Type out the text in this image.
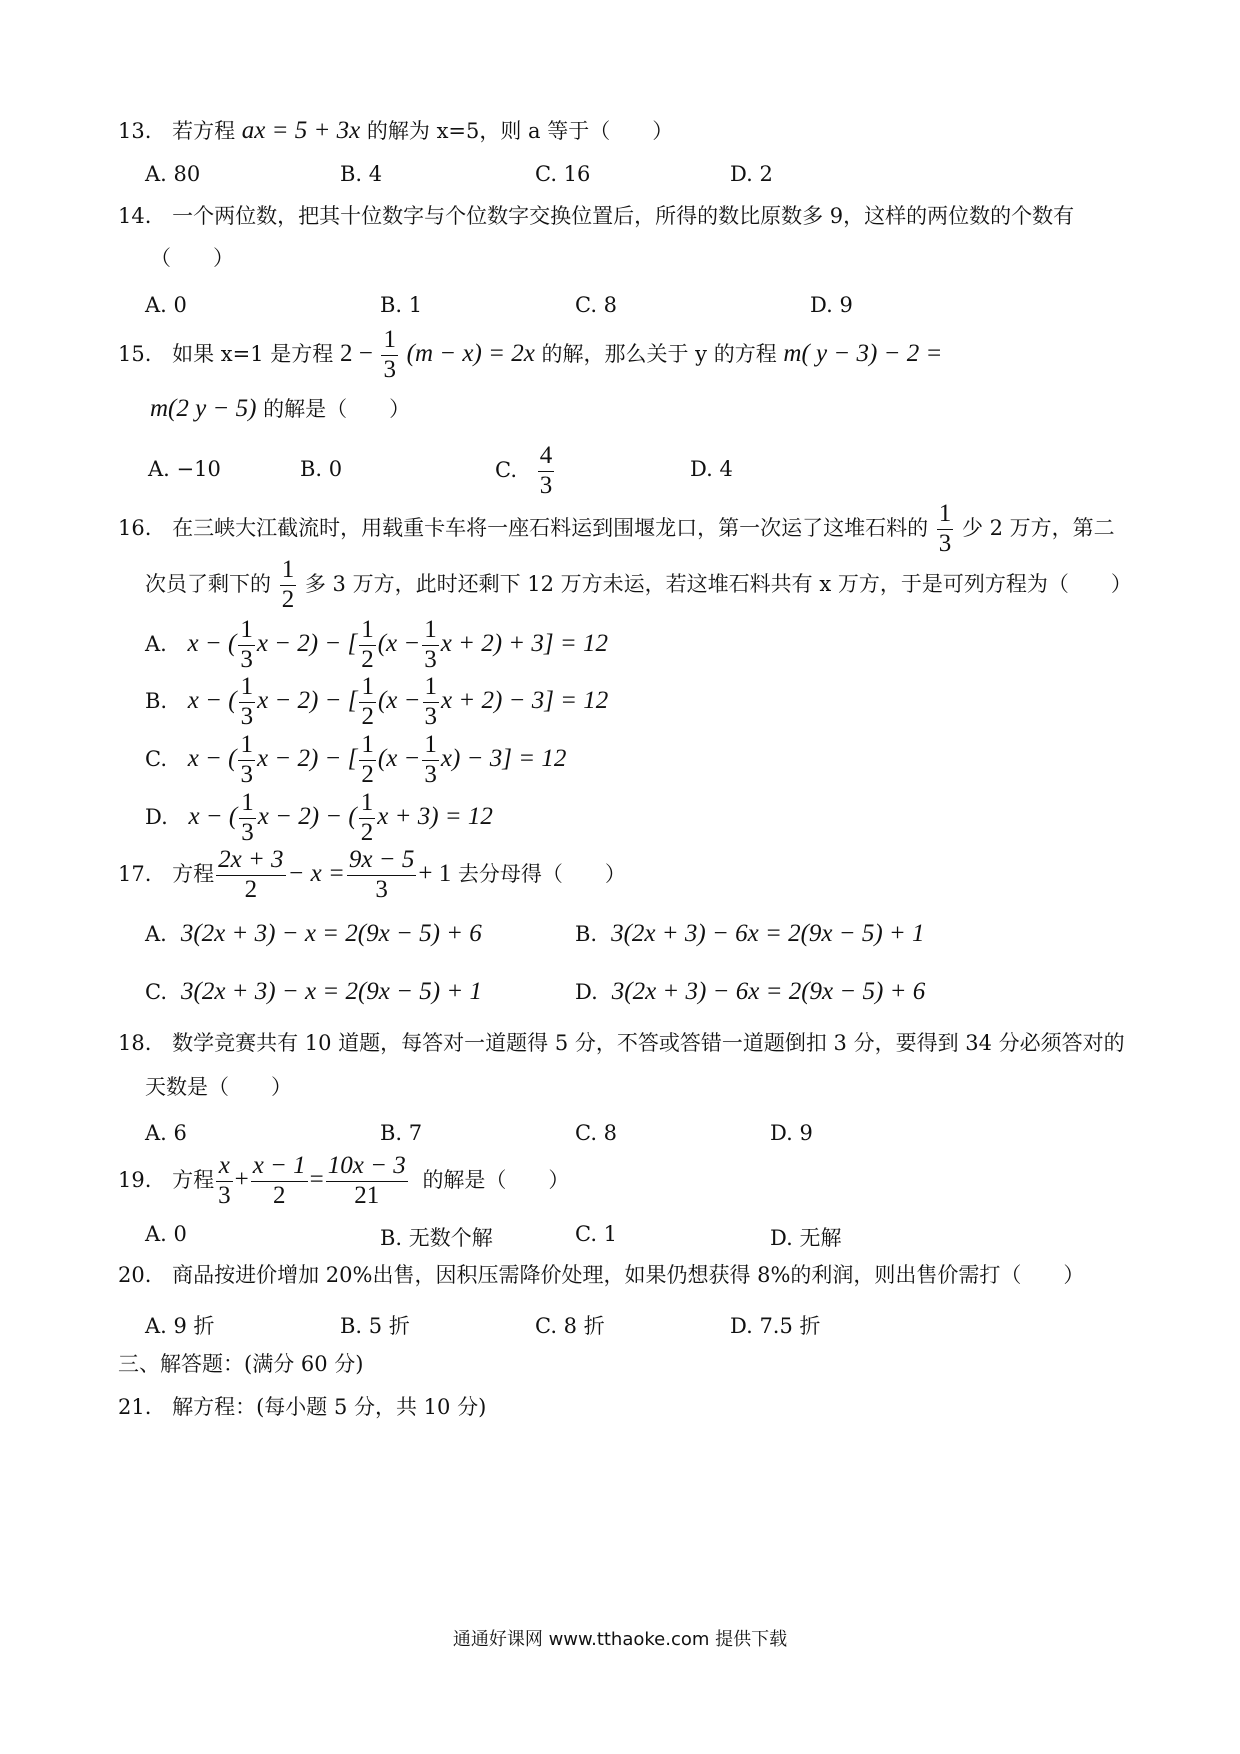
13. 若方程 ax = 5 + 3x 的解为 x=5，则 a 等于（　　）
A. 80	B. 4	C. 16	D. 2
14. 一个两位数，把其十位数字与个位数字交换位置后，所得的数比原数多 9，这样的两位数的个数有
（　　）
A. 0	B. 1	C. 8	D. 9
15. 如果 x=1 是方程 $2 - \frac{1}{3} (m - x) = 2x$ 的解，那么关于 y 的方程 m( y − 3) − 2 =
m(2 y − 5) 的解是（　　）
A. −10	B. 0	C. $\frac{4}{3}$	D. 4
16. 在三峡大江截流时，用载重卡车将一座石料运到围堰龙口，第一次运了这堆石料的 $\frac{1}{3}$ 少 2 万方，第二
次员了剩下的 $\frac{1}{2}$ 多 3 万方，此时还剩下 12 万方未运，若这堆石料共有 x 万方，于是可列方程为（　　）
A. x − ( $\frac{1}{3}$ x − 2) − [ $\frac{1}{2} (x - \frac{1}{3}$ x + 2) + 3] = 12
B. x − ( $\frac{1}{3}$ x − 2) − [ $\frac{1}{2} (x - \frac{1}{3}$ x + 2) − 3] = 12
C. x − ( $\frac{1}{3}$ x − 2) − [ $\frac{1}{2} (x - \frac{1}{3} x) - 3] = 12$
D. x − ( $\frac{1}{3}$ x − 2) − ( $\frac{1}{2}$ x + 3) = 12
17. 方程 $\frac{2x + 3}{2} - x = \frac{9x - 5}{3} + 1$ 去分母得（　　）
A. 3(2x + 3) − x = 2(9x − 5) + 6	B. 3(2x + 3) − 6x = 2(9x − 5) + 1
C. 3(2x + 3) − x = 2(9x − 5) + 1	D. 3(2x + 3) − 6x = 2(9x − 5) + 6
18. 数学竞赛共有 10 道题，每答对一道题得 5 分，不答或答错一道题倒扣 3 分，要得到 34 分必须答对的
天数是（　　）
A. 6	B. 7	C. 8	D. 9
19. 方程 $\frac{x}{3} + \frac{x - 1}{2} = \frac{10x - 3}{21}$ 的解是（　　）
A. 0	B. 无数个解	C. 1	D. 无解
20. 商品按进价增加 20%出售，因积压需降价处理，如果仍想获得 8%的利润，则出售价需打（　　）
A. 9 折	B. 5 折	C. 8 折	D. 7.5 折
三、解答题：(满分 60 分)
21. 解方程：(每小题 5 分，共 10 分)
通通好课网 www.tthaoke.com 提供下载
